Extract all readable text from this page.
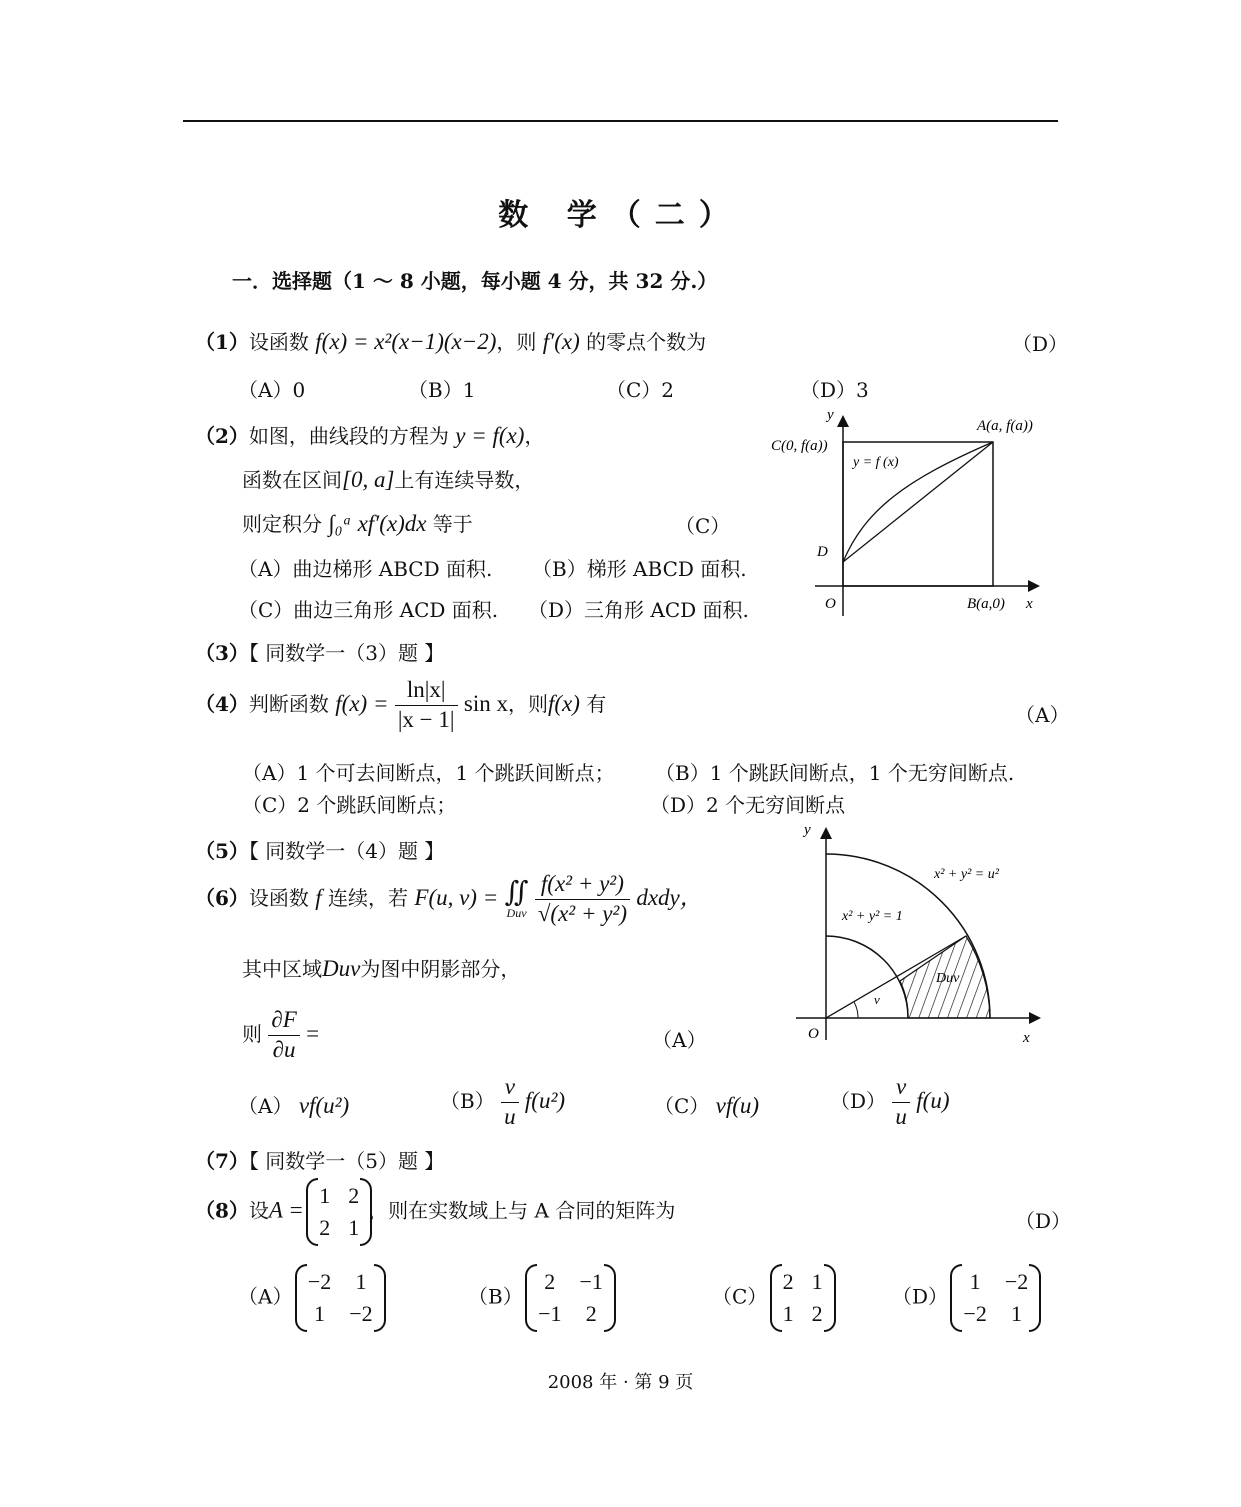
数 学（二）
一．选择题（1 ～ 8 小题，每小题 4 分，共 32 分.）
（1）设函数 f(x) = x²(x−1)(x−2)，则 f′(x) 的零点个数为	（D）
（A）0	（B）1	（C）2	（D）3
（2）如图，曲线段的方程为 y = f(x)，
函数在区间[0, a]上有连续导数，
则定积分 ∫₀ᵃ xf′(x)dx 等于	（C）
（A）曲边梯形 ABCD 面积. （B）梯形 ABCD 面积.
（C）曲边三角形 ACD 面积. （D）三角形 ACD 面积.
y
x
O
A(a, f(a))
C(0, f(a))
D
B(a,0)
y = f (x)
（3）【 同数学一（3）题 】
（4）判断函数 $f(x) = \frac{\ln|x|}{|x - 1|}$ sin x，则f(x) 有	（A）
（A）1 个可去间断点，1 个跳跃间断点； （B）1 个跳跃间断点，1 个无穷间断点.
（C）2 个跳跃间断点；	（D）2 个无穷间断点
（5）【 同数学一（4）题 】
（6）设函数 f 连续，若 F(u, v) = ∬
Duv
$\frac{\text{f(x² + y²)}}{\text{√(x² + y²)}}$ dxdy，
其中区域Duv为图中阴影部分，
则 $\frac{\partial F}{\partial u}$ =	（A）
（A） vf(u²)	$(B) \frac{v}{u} f(u^2)$	（C） vf(u)	$(D) \frac{v}{u} f(u)$
y
x
O
x² + y² = u²
x² + y² = 1
v
Duv
（7）【 同数学一（5）题 】
（8）设A =
1	2
2	1
，则在实数域上与 A 合同的矩阵为	（D）
（A）
−2	1
1	−2
（B）
2	−1
−1	2
（C）
2	1
1	2
（D）
1	−2
−2	1
2008 年 · 第 9 页
